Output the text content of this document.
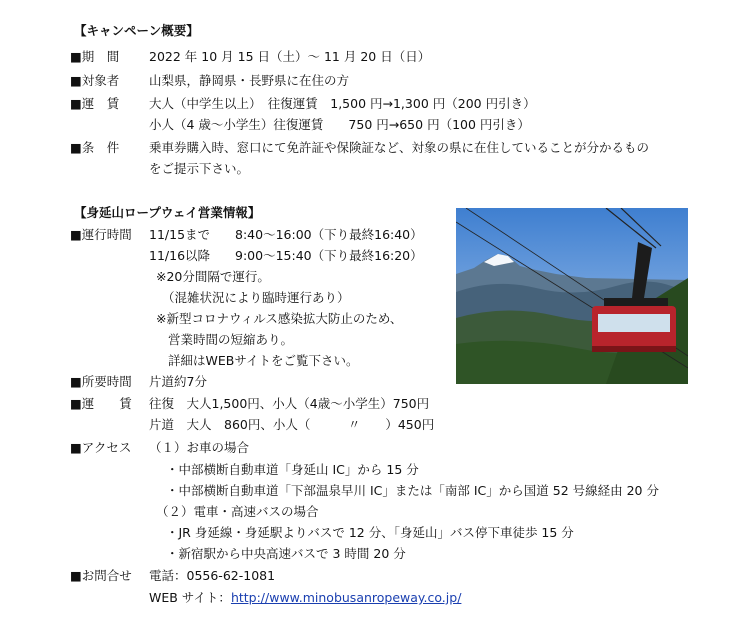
【キャンペーン概要】
■期　間 2022 年 10 月 15 日（土）～ 11 月 20 日（日）
■対象者 山梨県，静岡県・長野県に在住の方
■運　賃 大人（中学生以上）　往復運賃　1,500 円→1,300 円（200 円引き）
小人（4 歳～小学生）往復運賃　　750 円→650 円（100 円引き）
■条　件 乗車券購入時、窓口にて免許証や保険証など、対象の県に在住していることが分かるもの
をご提示下さい。
【身延山ロープウェイ営業情報】
■運行時間 11/15まで　　8:40～16:00（下り最終16:40）
11/16以降　　9:00～15:40（下り最終16:20）
※20分間隔で運行。
（混雑状況により臨時運行あり）
※新型コロナウィルス感染拡大防止のため、
営業時間の短縮あり。
詳細はWEBサイトをご覧下さい。
■所要時間 片道約7分
■運　　賃 往復　大人1,500円、小人（4歳～小学生）750円
片道　大人　860円、小人（　　　〃　　）450円
■アクセス （１）お車の場合
・中部横断自動車道「身延山 IC」から 15 分
・中部横断自動車道「下部温泉早川 IC」または「南部 IC」から国道 52 号線経由 20 分
（２）電車・高速バスの場合
・JR 身延線・身延駅よりバスで 12 分、「身延山」バス停下車徒歩 15 分
・新宿駅から中央高速バスで 3 時間 20 分
■お問合せ 電話：0556-62-1081
WEB サイト：http://www.minobusanropeway.co.jp/
